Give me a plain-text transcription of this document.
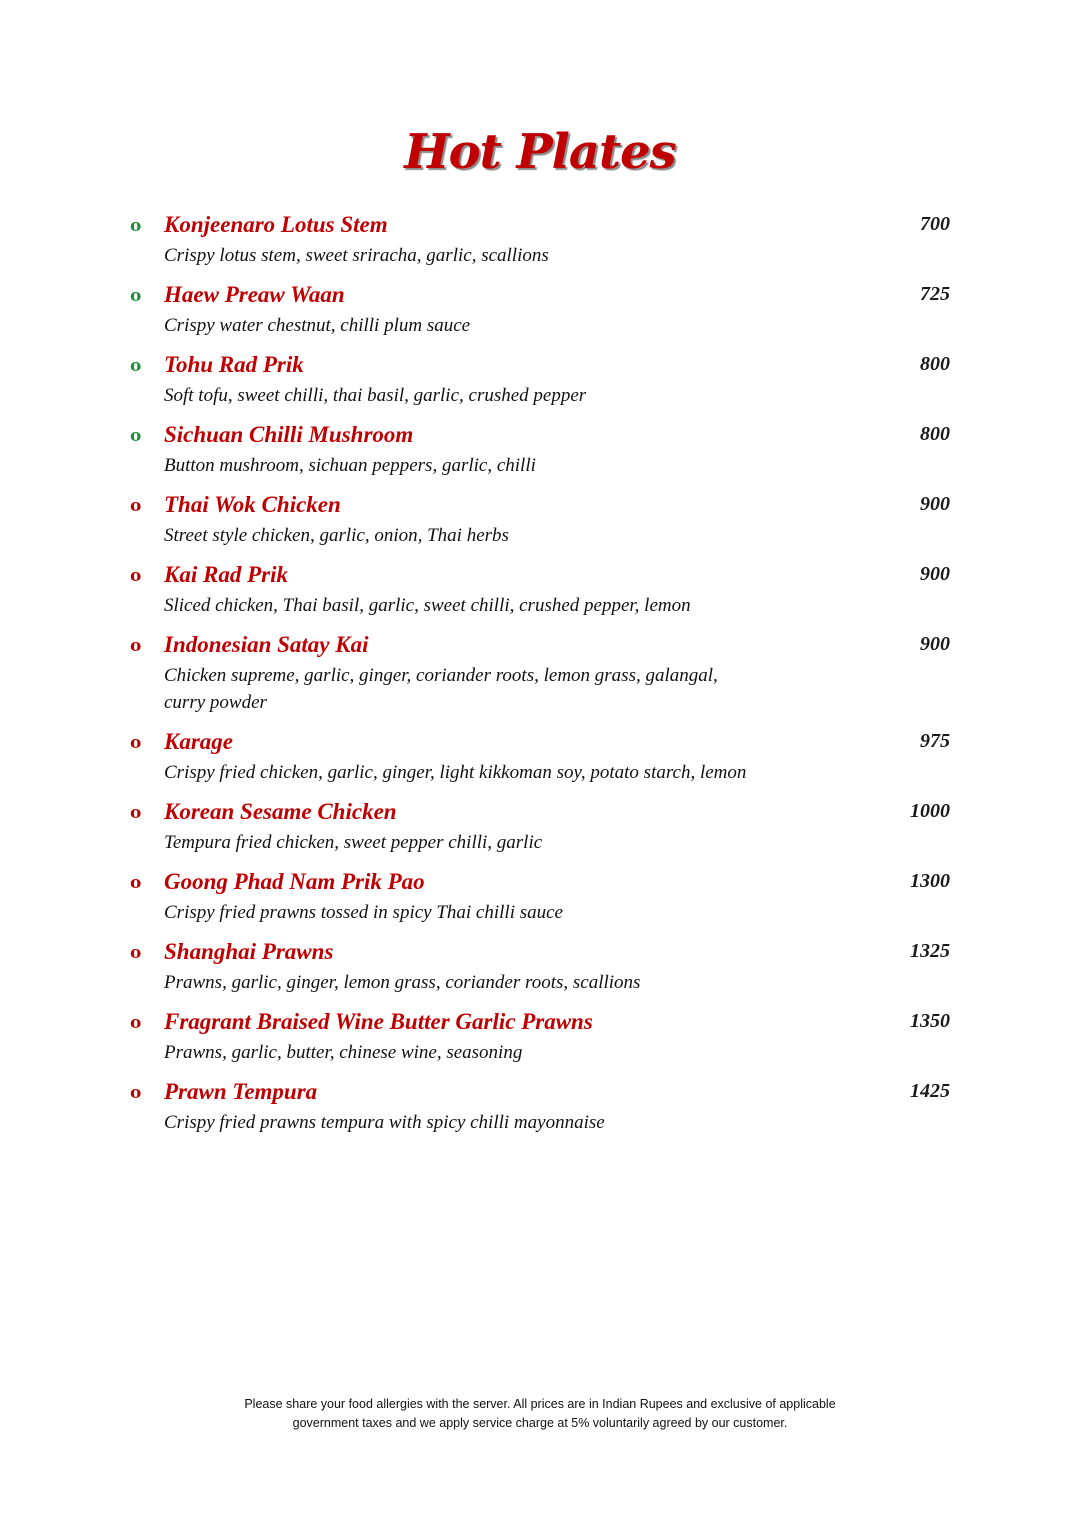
Hot Plates
o Konjeenaro Lotus Stem	700
Crispy lotus stem, sweet sriracha, garlic, scallions
o Haew Preaw Waan	725
Crispy water chestnut, chilli plum sauce
o Tohu Rad Prik	800
Soft tofu, sweet chilli, thai basil, garlic, crushed pepper
o Sichuan Chilli Mushroom	800
Button mushroom, sichuan peppers, garlic, chilli
o Thai Wok Chicken	900
Street style chicken, garlic, onion, Thai herbs
o Kai Rad Prik	900
Sliced chicken, Thai basil, garlic, sweet chilli, crushed pepper, lemon
o Indonesian Satay Kai	900
Chicken supreme, garlic, ginger, coriander roots, lemon grass, galangal, curry powder
o Karage	975
Crispy fried chicken, garlic, ginger, light kikkoman soy, potato starch, lemon
o Korean Sesame Chicken	1000
Tempura fried chicken, sweet pepper chilli, garlic
o Goong Phad Nam Prik Pao	1300
Crispy fried prawns tossed in spicy Thai chilli sauce
o Shanghai Prawns	1325
Prawns, garlic, ginger, lemon grass, coriander roots, scallions
o Fragrant Braised Wine Butter Garlic Prawns	1350
Prawns, garlic, butter, chinese wine, seasoning
o Prawn Tempura	1425
Crispy fried prawns tempura with spicy chilli mayonnaise
Please share your food allergies with the server. All prices are in Indian Rupees and exclusive of applicable
government taxes and we apply service charge at 5% voluntarily agreed by our customer.
